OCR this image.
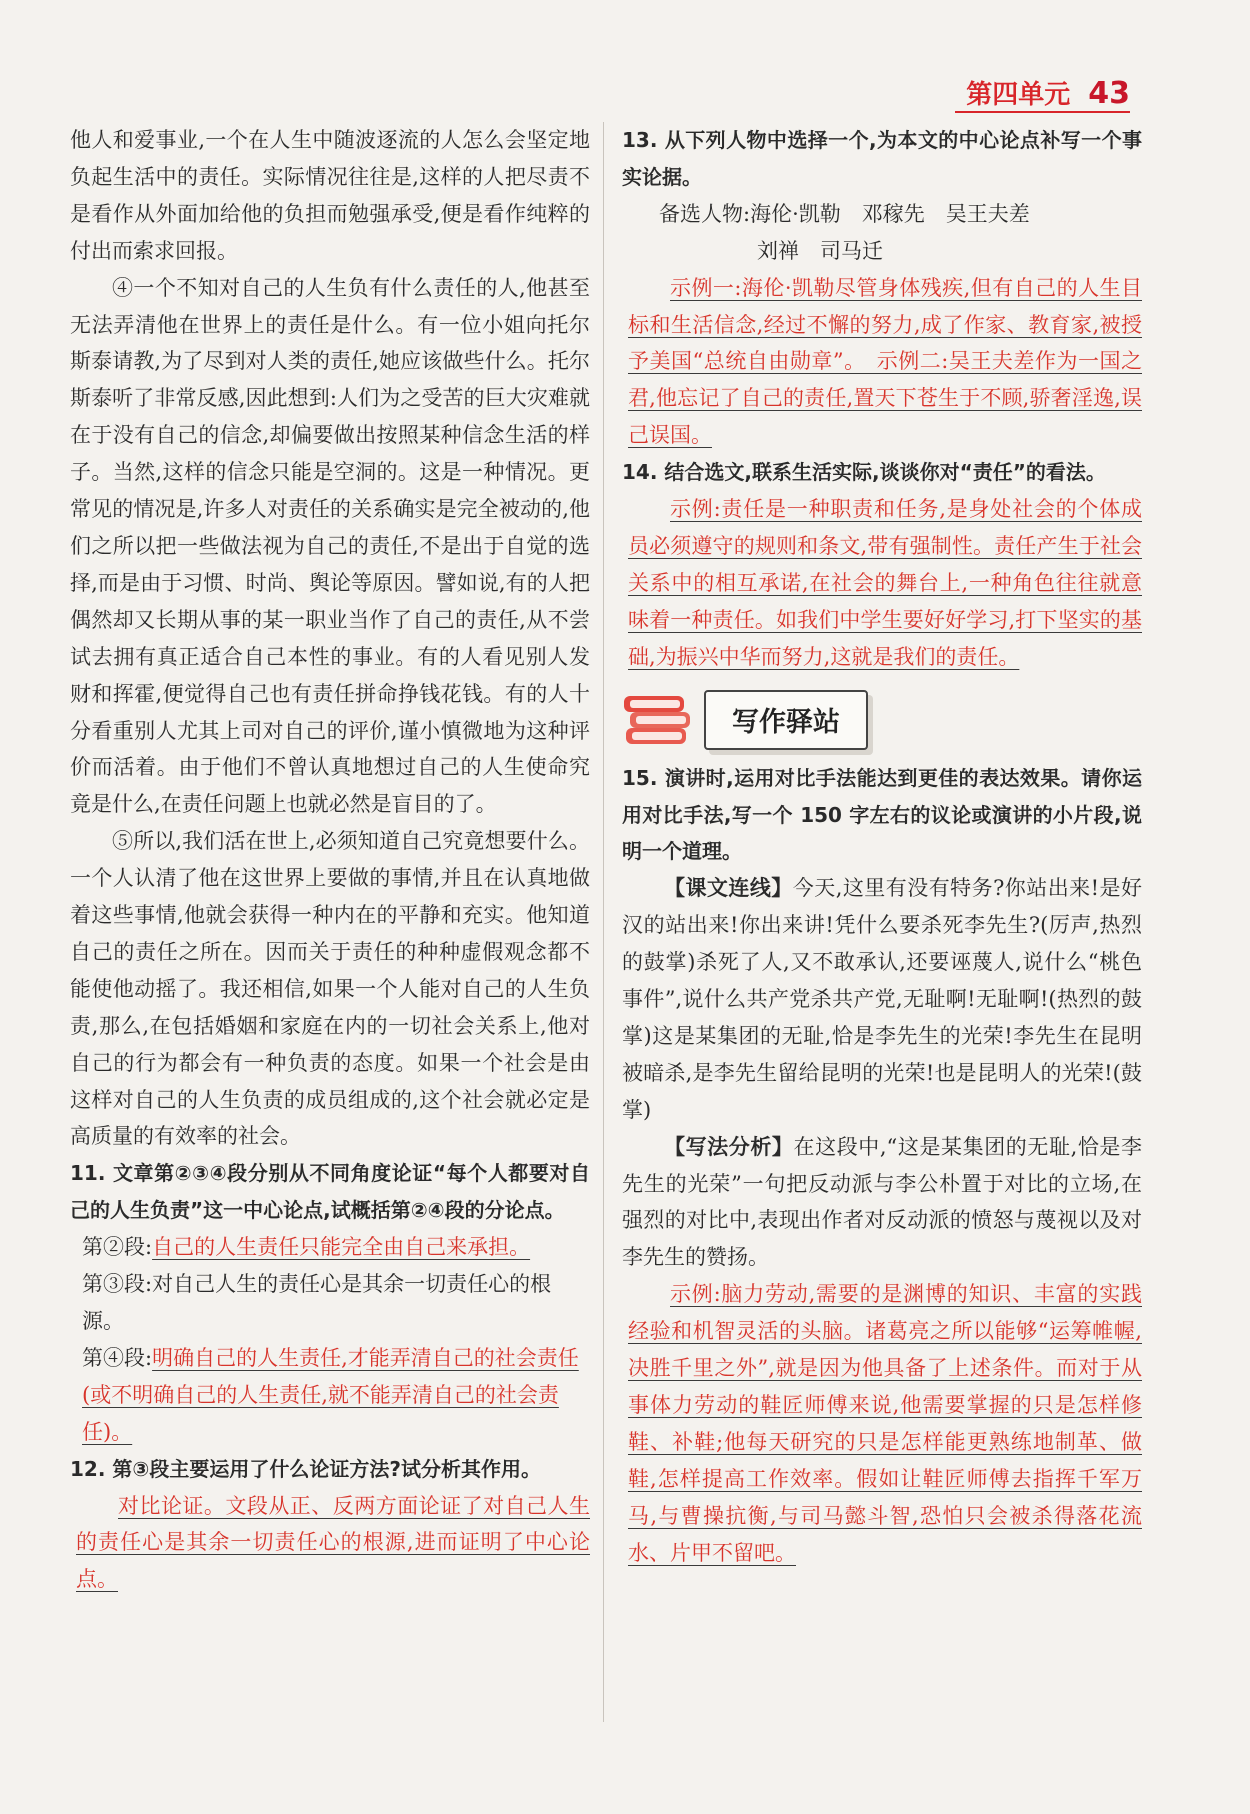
第四单元 43

他人和爱事业,一个在人生中随波逐流的人怎么会坚定地负起生活中的责任。实际情况往往是,这样的人把尽责不是看作从外面加给他的负担而勉强承受,便是看作纯粹的付出而索求回报。

④一个不知对自己的人生负有什么责任的人,他甚至无法弄清他在世界上的责任是什么。有一位小姐向托尔斯泰请教,为了尽到对人类的责任,她应该做些什么。托尔斯泰听了非常反感,因此想到:人们为之受苦的巨大灾难就在于没有自己的信念,却偏要做出按照某种信念生活的样子。当然,这样的信念只能是空洞的。这是一种情况。更常见的情况是,许多人对责任的关系确实是完全被动的,他们之所以把一些做法视为自己的责任,不是出于自觉的选择,而是由于习惯、时尚、舆论等原因。譬如说,有的人把偶然却又长期从事的某一职业当作了自己的责任,从不尝试去拥有真正适合自己本性的事业。有的人看见别人发财和挥霍,便觉得自己也有责任拼命挣钱花钱。有的人十分看重别人尤其上司对自己的评价,谨小慎微地为这种评价而活着。由于他们不曾认真地想过自己的人生使命究竟是什么,在责任问题上也就必然是盲目的了。

⑤所以,我们活在世上,必须知道自己究竟想要什么。一个人认清了他在这世界上要做的事情,并且在认真地做着这些事情,他就会获得一种内在的平静和充实。他知道自己的责任之所在。因而关于责任的种种虚假观念都不能使他动摇了。我还相信,如果一个人能对自己的人生负责,那么,在包括婚姻和家庭在内的一切社会关系上,他对自己的行为都会有一种负责的态度。如果一个社会是由这样对自己的人生负责的成员组成的,这个社会就必定是高质量的有效率的社会。

11. 文章第②③④段分别从不同角度论证“每个人都要对自己的人生负责”这一中心论点,试概括第②④段的分论点。

第②段:自己的人生责任只能完全由自己来承担。

第③段:对自己人生的责任心是其余一切责任心的根源。

第④段:明确自己的人生责任,才能弄清自己的社会责任(或不明确自己的人生责任,就不能弄清自己的社会责任)。

12. 第③段主要运用了什么论证方法?试分析其作用。

对比论证。文段从正、反两方面论证了对自己人生的责任心是其余一切责任心的根源,进而证明了中心论点。

13. 从下列人物中选择一个,为本文的中心论点补写一个事实论据。

备选人物:海伦·凯勒　邓稼先　吴王夫差

刘禅　司马迁

示例一:海伦·凯勒尽管身体残疾,但有自己的人生目标和生活信念,经过不懈的努力,成了作家、教育家,被授予美国“总统自由勋章”。　示例二:吴王夫差作为一国之君,他忘记了自己的责任,置天下苍生于不顾,骄奢淫逸,误己误国。

14. 结合选文,联系生活实际,谈谈你对“责任”的看法。

示例:责任是一种职责和任务,是身处社会的个体成员必须遵守的规则和条文,带有强制性。责任产生于社会关系中的相互承诺,在社会的舞台上,一种角色往往就意味着一种责任。如我们中学生要好好学习,打下坚实的基础,为振兴中华而努力,这就是我们的责任。

写作驿站

15. 演讲时,运用对比手法能达到更佳的表达效果。请你运用对比手法,写一个 150 字左右的议论或演讲的小片段,说明一个道理。

【课文连线】今天,这里有没有特务?你站出来!是好汉的站出来!你出来讲!凭什么要杀死李先生?(厉声,热烈的鼓掌)杀死了人,又不敢承认,还要诬蔑人,说什么“桃色事件”,说什么共产党杀共产党,无耻啊!无耻啊!(热烈的鼓掌)这是某集团的无耻,恰是李先生的光荣!李先生在昆明被暗杀,是李先生留给昆明的光荣!也是昆明人的光荣!(鼓掌)

【写法分析】在这段中,“这是某集团的无耻,恰是李先生的光荣”一句把反动派与李公朴置于对比的立场,在强烈的对比中,表现出作者对反动派的愤怒与蔑视以及对李先生的赞扬。

示例:脑力劳动,需要的是渊博的知识、丰富的实践经验和机智灵活的头脑。诸葛亮之所以能够“运筹帷幄,决胜千里之外”,就是因为他具备了上述条件。而对于从事体力劳动的鞋匠师傅来说,他需要掌握的只是怎样修鞋、补鞋;他每天研究的只是怎样能更熟练地制革、做鞋,怎样提高工作效率。假如让鞋匠师傅去指挥千军万马,与曹操抗衡,与司马懿斗智,恐怕只会被杀得落花流水、片甲不留吧。
